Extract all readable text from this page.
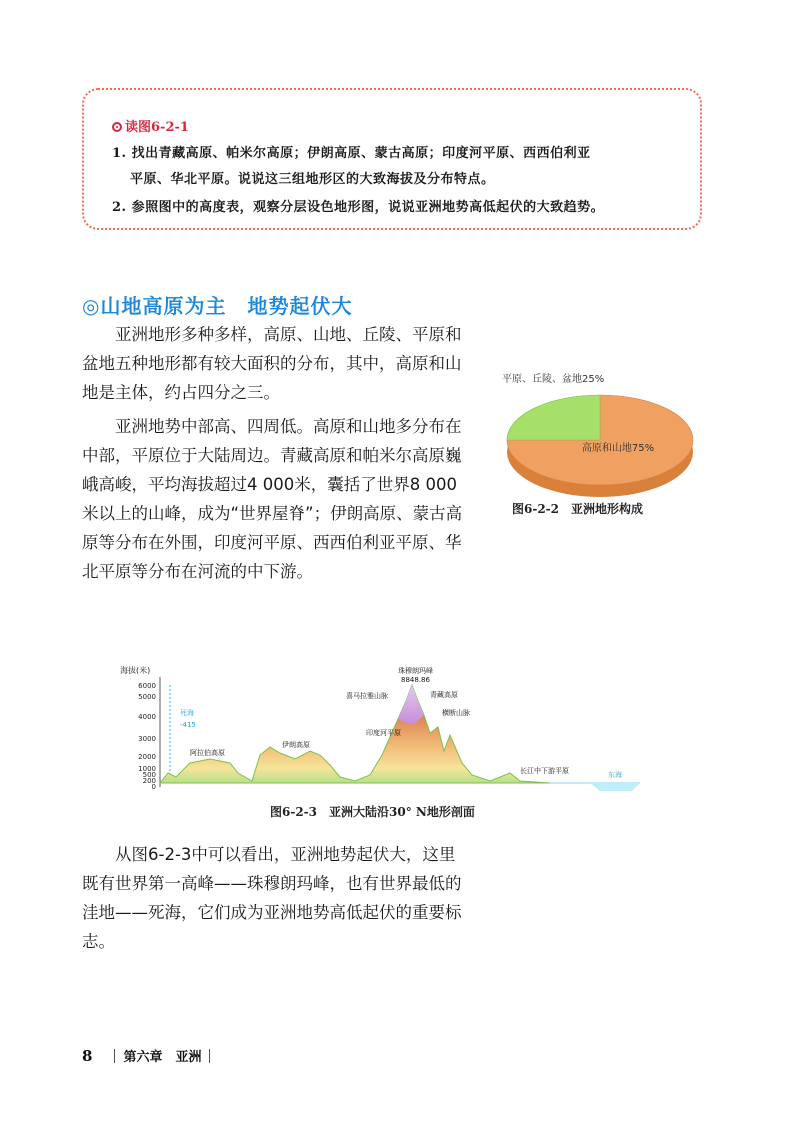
读图6-2-1
1. 找出青藏高原、帕米尔高原；伊朗高原、蒙古高原；印度河平原、西西伯利亚
平原、华北平原。说说这三组地形区的大致海拔及分布特点。
2. 参照图中的高度表，观察分层设色地形图，说说亚洲地势高低起伏的大致趋势。
◎山地高原为主　地势起伏大
亚洲地形多种多样，高原、山地、丘陵、平原和盆地五种地形都有较大面积的分布，其中，高原和山地是主体，约占四分之三。
亚洲地势中部高、四周低。高原和山地多分布在中部，平原位于大陆周边。青藏高原和帕米尔高原巍峨高峻，平均海拔超过4 000米，囊括了世界8 000米以上的山峰，成为“世界屋脊”；伊朗高原、蒙古高原等分布在外围，印度河平原、西西伯利亚平原、华北平原等分布在河流的中下游。
从图6-2-3中可以看出，亚洲地势起伏大，这里既有世界第一高峰——珠穆朗玛峰，也有世界最低的洼地——死海，它们成为亚洲地势高低起伏的重要标志。
平原、丘陵、盆地25%
高原和山地75%
图6-2-2　亚洲地形构成
海拔(米)
6000
5000
4000
3000
2000
1000
500
200
0
死海
-415
珠穆朗玛峰
8848.86
喜马拉雅山脉	青藏高原
横断山脉
伊朗高原
阿拉伯高原
印度河平原
长江中下游平原	东海
图6-2-3　亚洲大陆沿30° N地形剖面
8 第六章　亚洲
